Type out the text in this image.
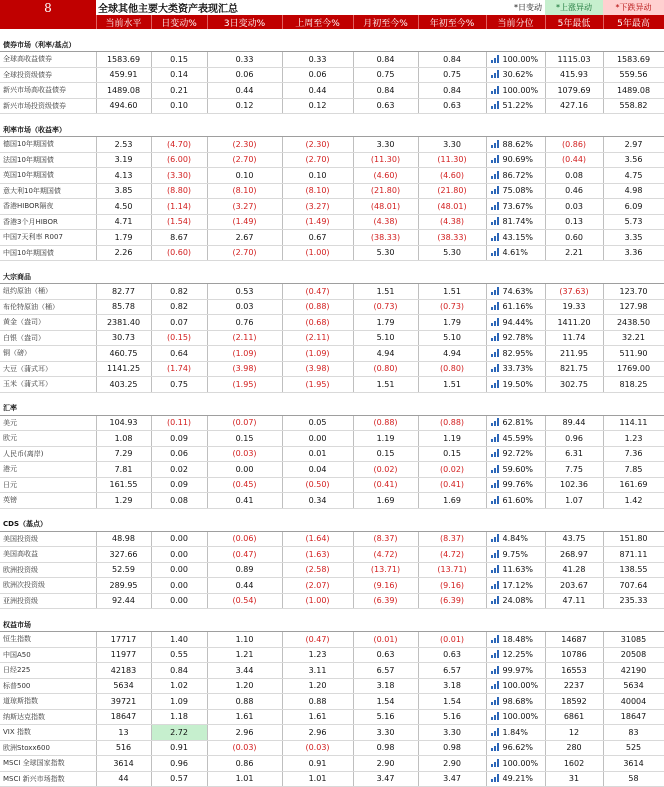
8	全球其他主要大类资产表现汇总					*日变动		*上涨异动	*下跌异动
	当前水平	日变动%	3日变动%	上周至今%	月初至今%	年初至今%	当前分位	5年最低	5年最高

债券市场（利率/基点）									
全球高收益债券	1583.69	0.15	0.33	0.33	0.84	0.84	100.00%	1115.03	1583.69
全球投资级债券	459.91	0.14	0.06	0.06	0.75	0.75	30.62%	415.93	559.56
新兴市场高收益债券	1489.08	0.21	0.44	0.44	0.84	0.84	100.00%	1079.69	1489.08
新兴市场投资级债券	494.60	0.10	0.12	0.12	0.63	0.63	51.22%	427.16	558.82

利率市场（收益率）									
德国10年期国债	2.53	(4.70)	(2.30)	(2.30)	3.30	3.30	88.62%	(0.86)	2.97
法国10年期国债	3.19	(6.00)	(2.70)	(2.70)	(11.30)	(11.30)	90.69%	(0.44)	3.56
英国10年期国债	4.13	(3.30)	0.10	0.10	(4.60)	(4.60)	86.72%	0.08	4.75
意大利10年期国债	3.85	(8.80)	(8.10)	(8.10)	(21.80)	(21.80)	75.08%	0.46	4.98
香港HIBOR隔夜	4.50	(1.14)	(3.27)	(3.27)	(48.01)	(48.01)	73.67%	0.03	6.09
香港3个月HIBOR	4.71	(1.54)	(1.49)	(1.49)	(4.38)	(4.38)	81.74%	0.13	5.73
中国7天利率 R007	1.79	8.67	2.67	0.67	(38.33)	(38.33)	43.15%	0.60	3.35
中国10年期国债	2.26	(0.60)	(2.70)	(1.00)	5.30	5.30	4.61%	2.21	3.36

大宗商品									
纽约原油（桶）	82.77	0.82	0.53	(0.47)	1.51	1.51	74.63%	(37.63)	123.70
布伦特原油（桶）	85.78	0.82	0.03	(0.88)	(0.73)	(0.73)	61.16%	19.33	127.98
黄金（盎司）	2381.40	0.07	0.76	(0.68)	1.79	1.79	94.44%	1411.20	2438.50
白银（盎司）	30.73	(0.15)	(2.11)	(2.11)	5.10	5.10	92.78%	11.74	32.21
铜（磅）	460.75	0.64	(1.09)	(1.09)	4.94	4.94	82.95%	211.95	511.90
大豆（蒲式耳）	1141.25	(1.74)	(3.98)	(3.98)	(0.80)	(0.80)	33.73%	821.75	1769.00
玉米（蒲式耳）	403.25	0.75	(1.95)	(1.95)	1.51	1.51	19.50%	302.75	818.25

汇率									
美元	104.93	(0.11)	(0.07)	0.05	(0.88)	(0.88)	62.81%	89.44	114.11
欧元	1.08	0.09	0.15	0.00	1.19	1.19	45.59%	0.96	1.23
人民币(离岸)	7.29	0.06	(0.03)	0.01	0.15	0.15	92.72%	6.31	7.36
港元	7.81	0.02	0.00	0.04	(0.02)	(0.02)	59.60%	7.75	7.85
日元	161.55	0.09	(0.45)	(0.50)	(0.41)	(0.41)	99.76%	102.36	161.69
英镑	1.29	0.08	0.41	0.34	1.69	1.69	61.60%	1.07	1.42

CDS（基点）									
美国投资级	48.98	0.00	(0.06)	(1.64)	(8.37)	(8.37)	4.84%	43.75	151.80
美国高收益	327.66	0.00	(0.47)	(1.63)	(4.72)	(4.72)	9.75%	268.97	871.11
欧洲投资级	52.59	0.00	0.89	(2.58)	(13.71)	(13.71)	11.63%	41.28	138.55
欧洲次投资级	289.95	0.00	0.44	(2.07)	(9.16)	(9.16)	17.12%	203.67	707.64
亚洲投资级	92.44	0.00	(0.54)	(1.00)	(6.39)	(6.39)	24.08%	47.11	235.33

权益市场									
恒生指数	17717	1.40	1.10	(0.47)	(0.01)	(0.01)	18.48%	14687	31085
中国A50	11977	0.55	1.21	1.23	0.63	0.63	12.25%	10786	20508
日经225	42183	0.84	3.44	3.11	6.57	6.57	99.97%	16553	42190
标普500	5634	1.02	1.20	1.20	3.18	3.18	100.00%	2237	5634
道琼斯指数	39721	1.09	0.88	0.88	1.54	1.54	98.68%	18592	40004
纳斯达克指数	18647	1.18	1.61	1.61	5.16	5.16	100.00%	6861	18647
VIX 指数	13	2.72	2.96	2.96	3.30	3.30	1.84%	12	83
欧洲Stoxx600	516	0.91	(0.03)	(0.03)	0.98	0.98	96.62%	280	525
MSCI 全球国家指数	3614	0.96	0.86	0.91	2.90	2.90	100.00%	1602	3614
MSCI 新兴市场指数	44	0.57	1.01	1.01	3.47	3.47	49.21%	31	58
